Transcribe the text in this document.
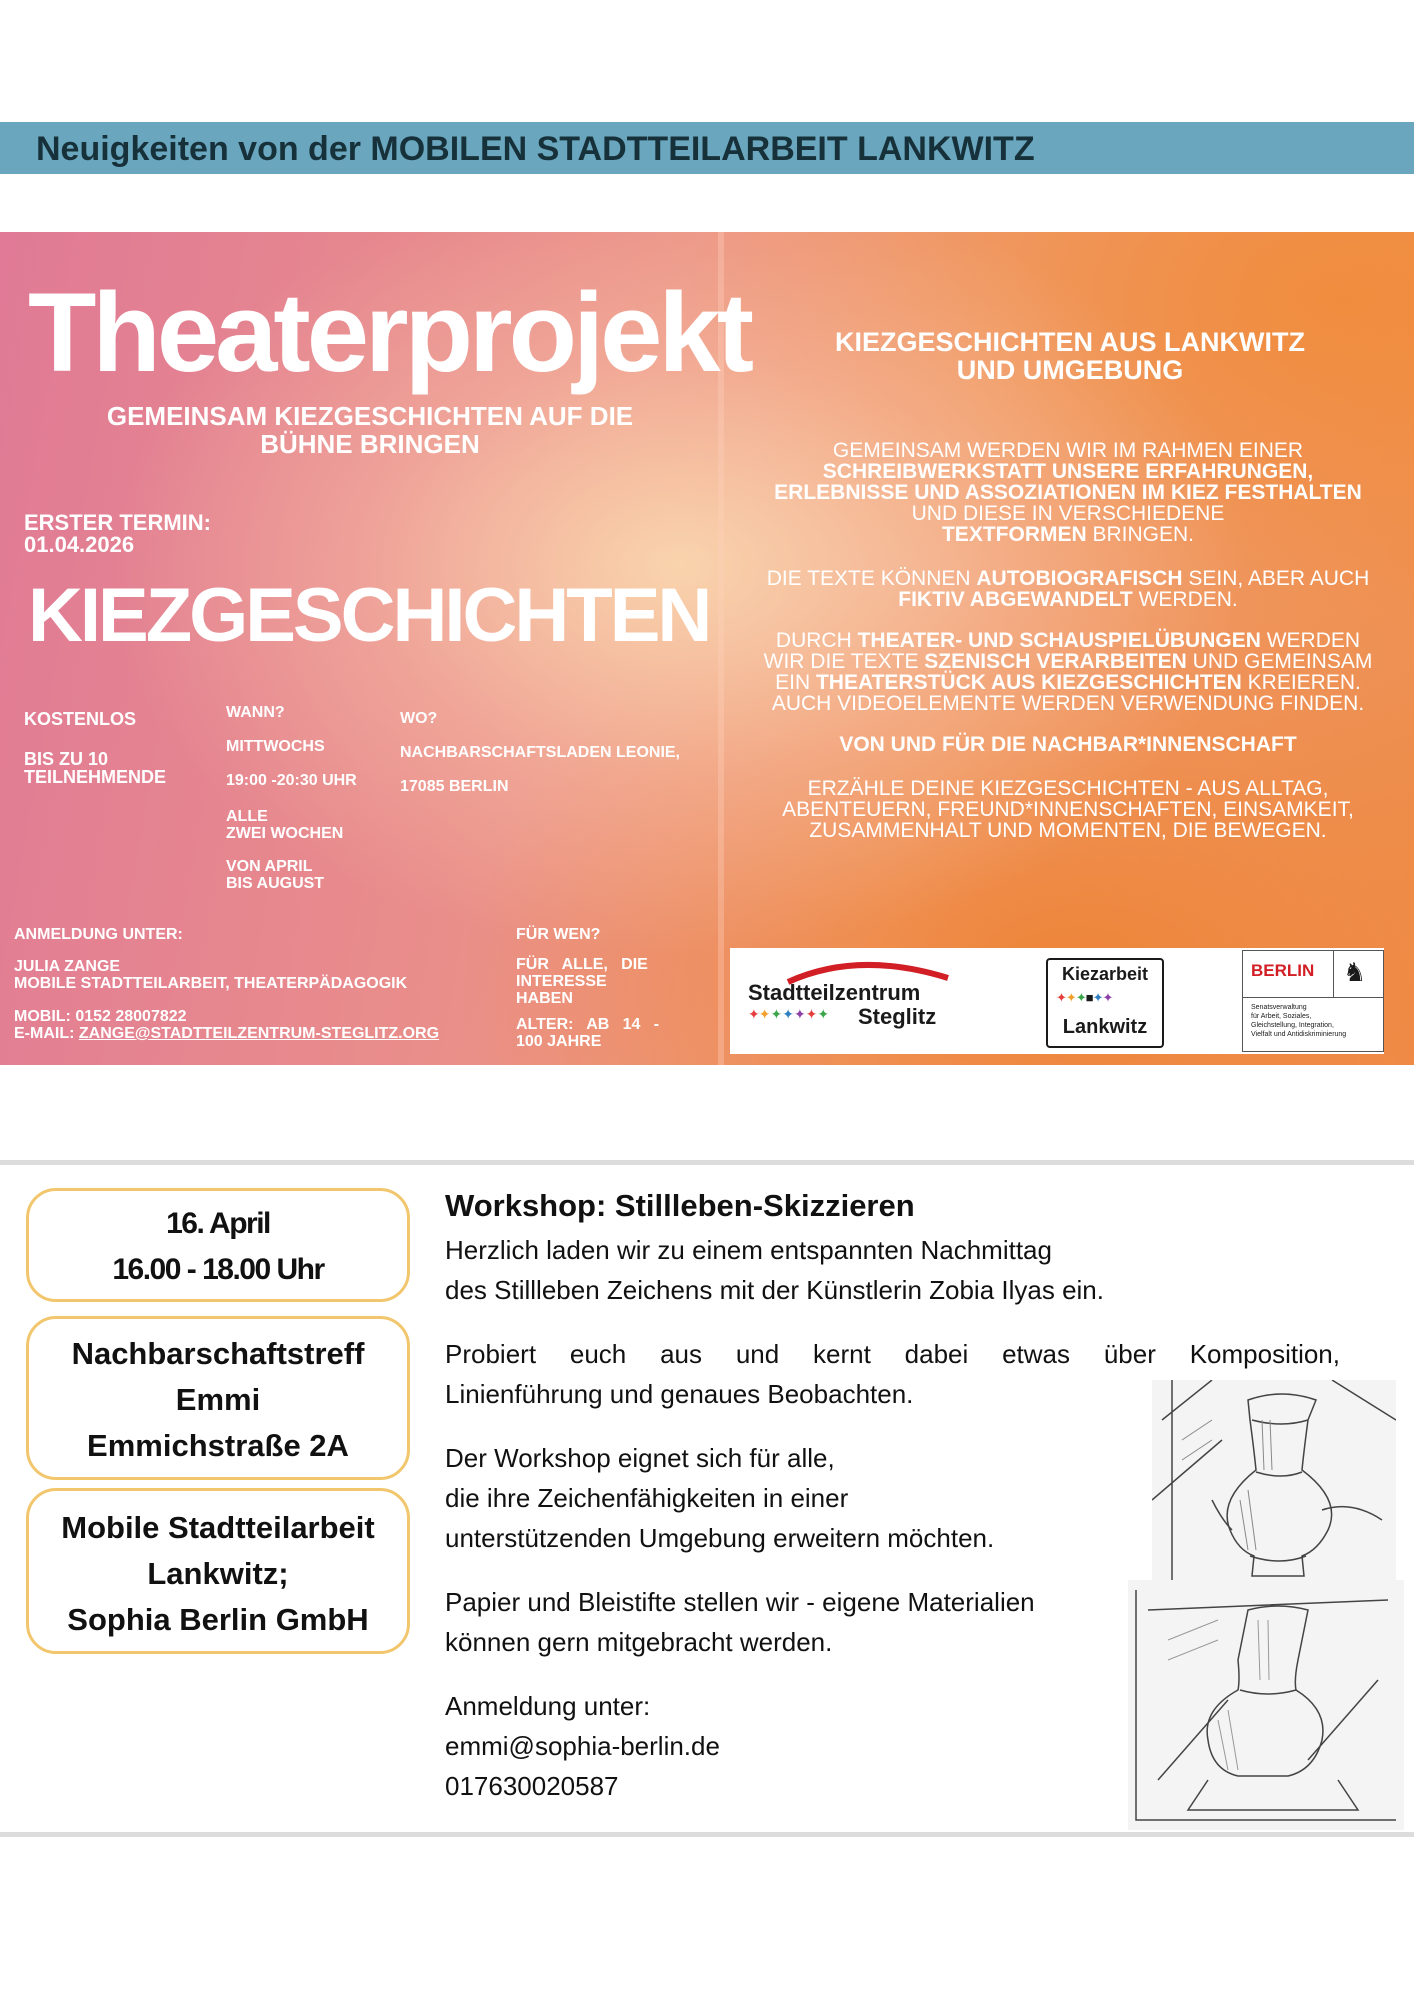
Neuigkeiten von der MOBILEN STADTTEILARBEIT LANKWITZ
Theaterprojekt
GEMEINSAM KIEZGESCHICHTEN AUF DIE
BÜHNE BRINGEN
ERSTER TERMIN:
01.04.2026
KIEZGESCHICHTEN
KOSTENLOS
BIS ZU 10
TEILNEHMENDE
WANN?
MITTWOCHS
19:00 -20:30 UHR
ALLE
ZWEI WOCHEN
VON APRIL
BIS AUGUST
WO?
NACHBARSCHAFTSLADEN LEONIE,
17085 BERLIN
ANMELDUNG UNTER:
JULIA ZANGE
MOBILE STADTTEILARBEIT, THEATERPÄDAGOGIK
MOBIL: 0152 28007822
E-MAIL: ZANGE@STADTTEILZENTRUM-STEGLITZ.ORG
FÜR WEN?
FÜR   ALLE,   DIE
INTERESSE
HABEN
ALTER:   AB   14   -
100 JAHRE
KIEZGESCHICHTEN AUS LANKWITZ
UND UMGEBUNG
GEMEINSAM WERDEN WIR IM RAHMEN EINER
SCHREIBWERKSTATT UNSERE ERFAHRUNGEN,
ERLEBNISSE UND ASSOZIATIONEN IM KIEZ FESTHALTEN
UND DIESE IN VERSCHIEDENE
TEXTFORMEN BRINGEN.
DIE TEXTE KÖNNEN AUTOBIOGRAFISCH SEIN, ABER AUCH
FIKTIV ABGEWANDELT WERDEN.
DURCH THEATER- UND SCHAUSPIELÜBUNGEN WERDEN
WIR DIE TEXTE SZENISCH VERARBEITEN UND GEMEINSAM
EIN THEATERSTÜCK AUS KIEZGESCHICHTEN KREIEREN.
AUCH VIDEOELEMENTE WERDEN VERWENDUNG FINDEN.
VON UND FÜR DIE NACHBAR*INNENSCHAFT
ERZÄHLE DEINE KIEZGESCHICHTEN - AUS ALLTAG,
ABENTEUERN, FREUND*INNENSCHAFTEN, EINSAMKEIT,
ZUSAMMENHALT UND MOMENTEN, DIE BEWEGEN.
Stadtteilzentrum
✦✦✦✦✦✦✦ Steglitz
Kiezarbeit
✦✦✦■✦✦
Lankwitz
BERLIN ♞
Senatsverwaltung
für Arbeit, Soziales,
Gleichstellung, Integration,
Vielfalt und Antidiskriminierung
16. April
16.00 - 18.00 Uhr
Nachbarschaftstreff
Emmi
Emmichstraße 2A
Mobile Stadtteilarbeit
Lankwitz;
Sophia Berlin GmbH
Workshop: Stillleben-Skizzieren
Herzlich laden wir zu einem entspannten Nachmittag
des Stillleben Zeichens mit der Künstlerin Zobia Ilyas ein.
Probiert euch aus und kernt dabei etwas über Komposition,
Linienführung und genaues Beobachten.
Der Workshop eignet sich für alle,
die ihre Zeichenfähigkeiten in einer
unterstützenden Umgebung erweitern möchten.
Papier und Bleistifte stellen wir - eigene Materialien
können gern mitgebracht werden.
Anmeldung unter:
emmi@sophia-berlin.de
017630020587
